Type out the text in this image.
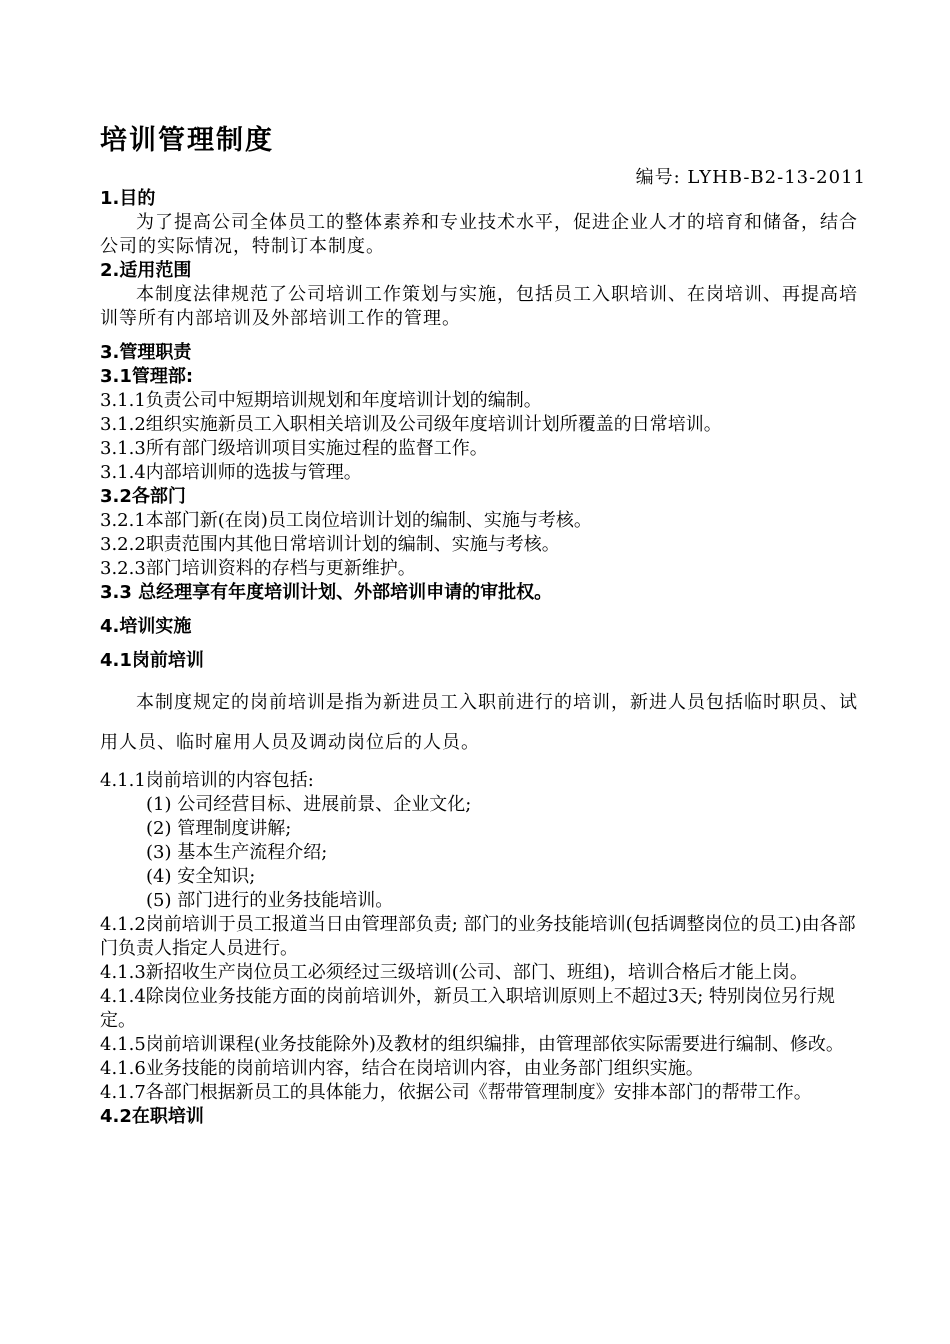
培训管理制度
编号: LYHB-B2-13-2011
1.目的

为了提高公司全体员工的整体素养和专业技术水平，促进企业人才的培育和储备，结合公司的实际情况，特制订本制度。

2.适用范围

本制度法律规范了公司培训工作策划与实施，包括员工入职培训、在岗培训、再提高培训等所有内部培训及外部培训工作的管理。

3.管理职责
3.1管理部:
3.1.1负责公司中短期培训规划和年度培训计划的编制。
3.1.2组织实施新员工入职相关培训及公司级年度培训计划所覆盖的日常培训。
3.1.3所有部门级培训项目实施过程的监督工作。
3.1.4内部培训师的选拔与管理。
3.2各部门
3.2.1本部门新(在岗)员工岗位培训计划的编制、实施与考核。
3.2.2职责范围内其他日常培训计划的编制、实施与考核。
3.2.3部门培训资料的存档与更新维护。
3.3 总经理享有年度培训计划、外部培训申请的审批权。
4.培训实施
4.1岗前培训

本制度规定的岗前培训是指为新进员工入职前进行的培训，新进人员包括临时职员、试用人员、临时雇用人员及调动岗位后的人员。

4.1.1岗前培训的内容包括:
(1) 公司经营目标、进展前景、企业文化;
(2) 管理制度讲解;
(3) 基本生产流程介绍;
(4) 安全知识;
(5) 部门进行的业务技能培训。
4.1.2岗前培训于员工报道当日由管理部负责; 部门的业务技能培训(包括调整岗位的员工)由各部门负责人指定人员进行。
4.1.3新招收生产岗位员工必须经过三级培训(公司、部门、班组)，培训合格后才能上岗。
4.1.4除岗位业务技能方面的岗前培训外，新员工入职培训原则上不超过3天; 特别岗位另行规定。
4.1.5岗前培训课程(业务技能除外)及教材的组织编排，由管理部依实际需要进行编制、修改。
4.1.6业务技能的岗前培训内容，结合在岗培训内容，由业务部门组织实施。
4.1.7各部门根据新员工的具体能力，依据公司《帮带管理制度》安排本部门的帮带工作。
4.2在职培训
